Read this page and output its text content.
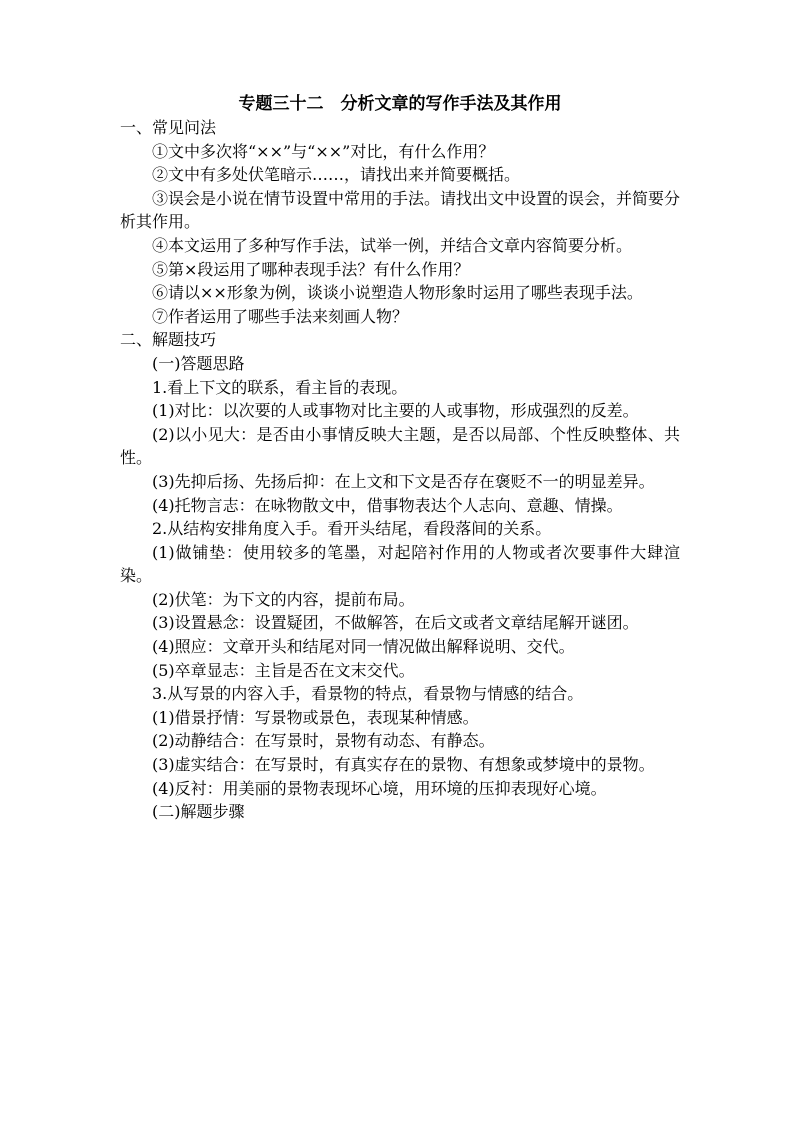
专题三十二　分析文章的写作手法及其作用
一、常见问法

①文中多次将“××”与“××”对比，有什么作用？

②文中有多处伏笔暗示……，请找出来并简要概括。

③误会是小说在情节设置中常用的手法。请找出文中设置的误会，并简要分析其作用。

④本文运用了多种写作手法，试举一例，并结合文章内容简要分析。

⑤第×段运用了哪种表现手法？有什么作用？

⑥请以××形象为例，谈谈小说塑造人物形象时运用了哪些表现手法。

⑦作者运用了哪些手法来刻画人物？

二、解题技巧
(一)答题思路
1.看上下文的联系，看主旨的表现。

(1)对比：以次要的人或事物对比主要的人或事物，形成强烈的反差。

(2)以小见大：是否由小事情反映大主题，是否以局部、个性反映整体、共性。

(3)先抑后扬、先扬后抑：在上文和下文是否存在褒贬不一的明显差异。

(4)托物言志：在咏物散文中，借事物表达个人志向、意趣、情操。

2.从结构安排角度入手。看开头结尾，看段落间的关系。

(1)做铺垫：使用较多的笔墨，对起陪衬作用的人物或者次要事件大肆渲染。

(2)伏笔：为下文的内容，提前布局。

(3)设置悬念：设置疑团，不做解答，在后文或者文章结尾解开谜团。

(4)照应：文章开头和结尾对同一情况做出解释说明、交代。

(5)卒章显志：主旨是否在文末交代。

3.从写景的内容入手，看景物的特点，看景物与情感的结合。

(1)借景抒情：写景物或景色，表现某种情感。

(2)动静结合：在写景时，景物有动态、有静态。

(3)虚实结合：在写景时，有真实存在的景物、有想象或梦境中的景物。

(4)反衬：用美丽的景物表现坏心境，用环境的压抑表现好心境。

(二)解题步骤
